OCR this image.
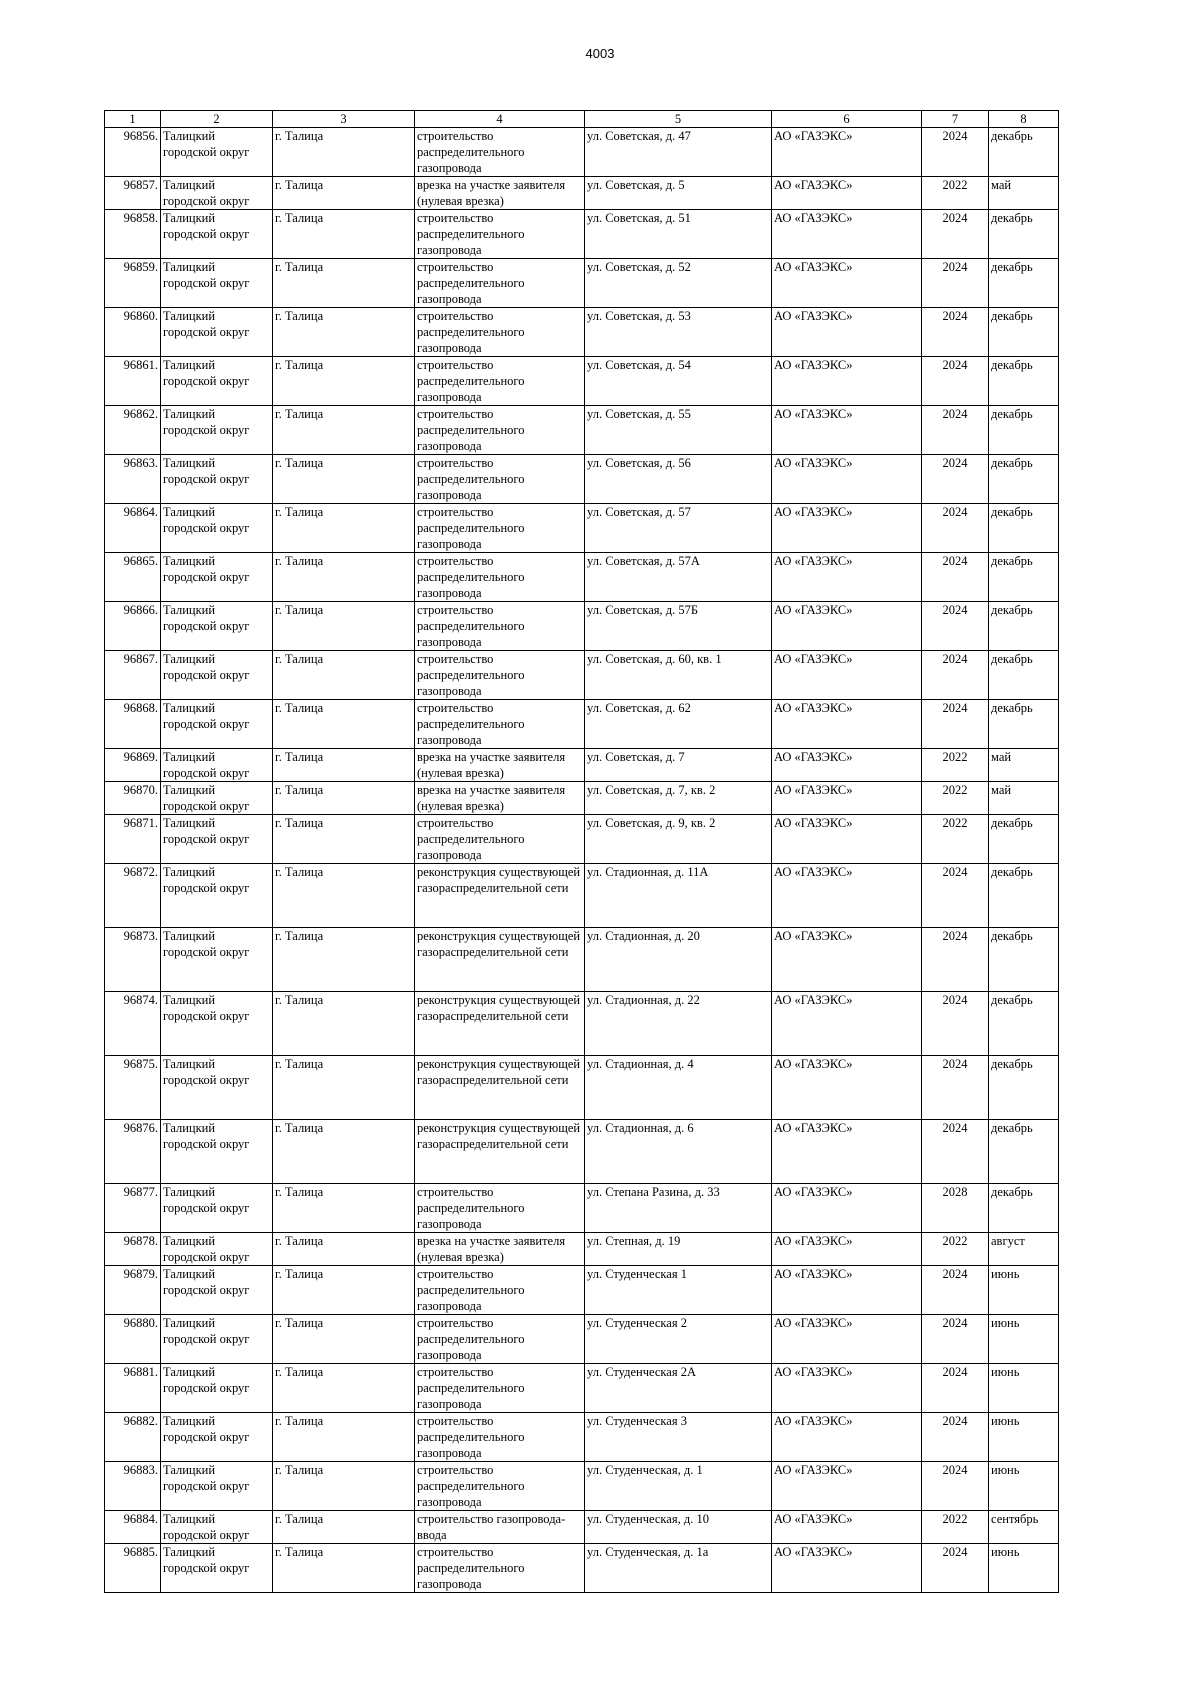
4003
1	2	3	4	5	6	7	8
96856.	Талицкий городской округ	г. Талица	строительство распределительного газопровода	ул. Советская, д. 47	АО «ГАЗЭКС»	2024	декабрь
96857.	Талицкий городской округ	г. Талица	врезка на участке заявителя (нулевая врезка)	ул. Советская, д. 5	АО «ГАЗЭКС»	2022	май
96858.	Талицкий городской округ	г. Талица	строительство распределительного газопровода	ул. Советская, д. 51	АО «ГАЗЭКС»	2024	декабрь
96859.	Талицкий городской округ	г. Талица	строительство распределительного газопровода	ул. Советская, д. 52	АО «ГАЗЭКС»	2024	декабрь
96860.	Талицкий городской округ	г. Талица	строительство распределительного газопровода	ул. Советская, д. 53	АО «ГАЗЭКС»	2024	декабрь
96861.	Талицкий городской округ	г. Талица	строительство распределительного газопровода	ул. Советская, д. 54	АО «ГАЗЭКС»	2024	декабрь
96862.	Талицкий городской округ	г. Талица	строительство распределительного газопровода	ул. Советская, д. 55	АО «ГАЗЭКС»	2024	декабрь
96863.	Талицкий городской округ	г. Талица	строительство распределительного газопровода	ул. Советская, д. 56	АО «ГАЗЭКС»	2024	декабрь
96864.	Талицкий городской округ	г. Талица	строительство распределительного газопровода	ул. Советская, д. 57	АО «ГАЗЭКС»	2024	декабрь
96865.	Талицкий городской округ	г. Талица	строительство распределительного газопровода	ул. Советская, д. 57А	АО «ГАЗЭКС»	2024	декабрь
96866.	Талицкий городской округ	г. Талица	строительство распределительного газопровода	ул. Советская, д. 57Б	АО «ГАЗЭКС»	2024	декабрь
96867.	Талицкий городской округ	г. Талица	строительство распределительного газопровода	ул. Советская, д. 60, кв. 1	АО «ГАЗЭКС»	2024	декабрь
96868.	Талицкий городской округ	г. Талица	строительство распределительного газопровода	ул. Советская, д. 62	АО «ГАЗЭКС»	2024	декабрь
96869.	Талицкий городской округ	г. Талица	врезка на участке заявителя (нулевая врезка)	ул. Советская, д. 7	АО «ГАЗЭКС»	2022	май
96870.	Талицкий городской округ	г. Талица	врезка на участке заявителя (нулевая врезка)	ул. Советская, д. 7, кв. 2	АО «ГАЗЭКС»	2022	май
96871.	Талицкий городской округ	г. Талица	строительство распределительного газопровода	ул. Советская, д. 9, кв. 2	АО «ГАЗЭКС»	2022	декабрь
96872.	Талицкий городской округ	г. Талица	реконструкция существующей газораспределительной сети	ул. Стадионная, д. 11А	АО «ГАЗЭКС»	2024	декабрь
96873.	Талицкий городской округ	г. Талица	реконструкция существующей газораспределительной сети	ул. Стадионная, д. 20	АО «ГАЗЭКС»	2024	декабрь
96874.	Талицкий городской округ	г. Талица	реконструкция существующей газораспределительной сети	ул. Стадионная, д. 22	АО «ГАЗЭКС»	2024	декабрь
96875.	Талицкий городской округ	г. Талица	реконструкция существующей газораспределительной сети	ул. Стадионная, д. 4	АО «ГАЗЭКС»	2024	декабрь
96876.	Талицкий городской округ	г. Талица	реконструкция существующей газораспределительной сети	ул. Стадионная, д. 6	АО «ГАЗЭКС»	2024	декабрь
96877.	Талицкий городской округ	г. Талица	строительство распределительного газопровода	ул. Степана Разина, д. 33	АО «ГАЗЭКС»	2028	декабрь
96878.	Талицкий городской округ	г. Талица	врезка на участке заявителя (нулевая врезка)	ул. Степная, д. 19	АО «ГАЗЭКС»	2022	август
96879.	Талицкий городской округ	г. Талица	строительство распределительного газопровода	ул. Студенческая 1	АО «ГАЗЭКС»	2024	июнь
96880.	Талицкий городской округ	г. Талица	строительство распределительного газопровода	ул. Студенческая 2	АО «ГАЗЭКС»	2024	июнь
96881.	Талицкий городской округ	г. Талица	строительство распределительного газопровода	ул. Студенческая 2А	АО «ГАЗЭКС»	2024	июнь
96882.	Талицкий городской округ	г. Талица	строительство распределительного газопровода	ул. Студенческая 3	АО «ГАЗЭКС»	2024	июнь
96883.	Талицкий городской округ	г. Талица	строительство распределительного газопровода	ул. Студенческая, д. 1	АО «ГАЗЭКС»	2024	июнь
96884.	Талицкий городской округ	г. Талица	строительство газопровода-ввода	ул. Студенческая, д. 10	АО «ГАЗЭКС»	2022	сентябрь
96885.	Талицкий городской округ	г. Талица	строительство распределительного газопровода	ул. Студенческая, д. 1а	АО «ГАЗЭКС»	2024	июнь
